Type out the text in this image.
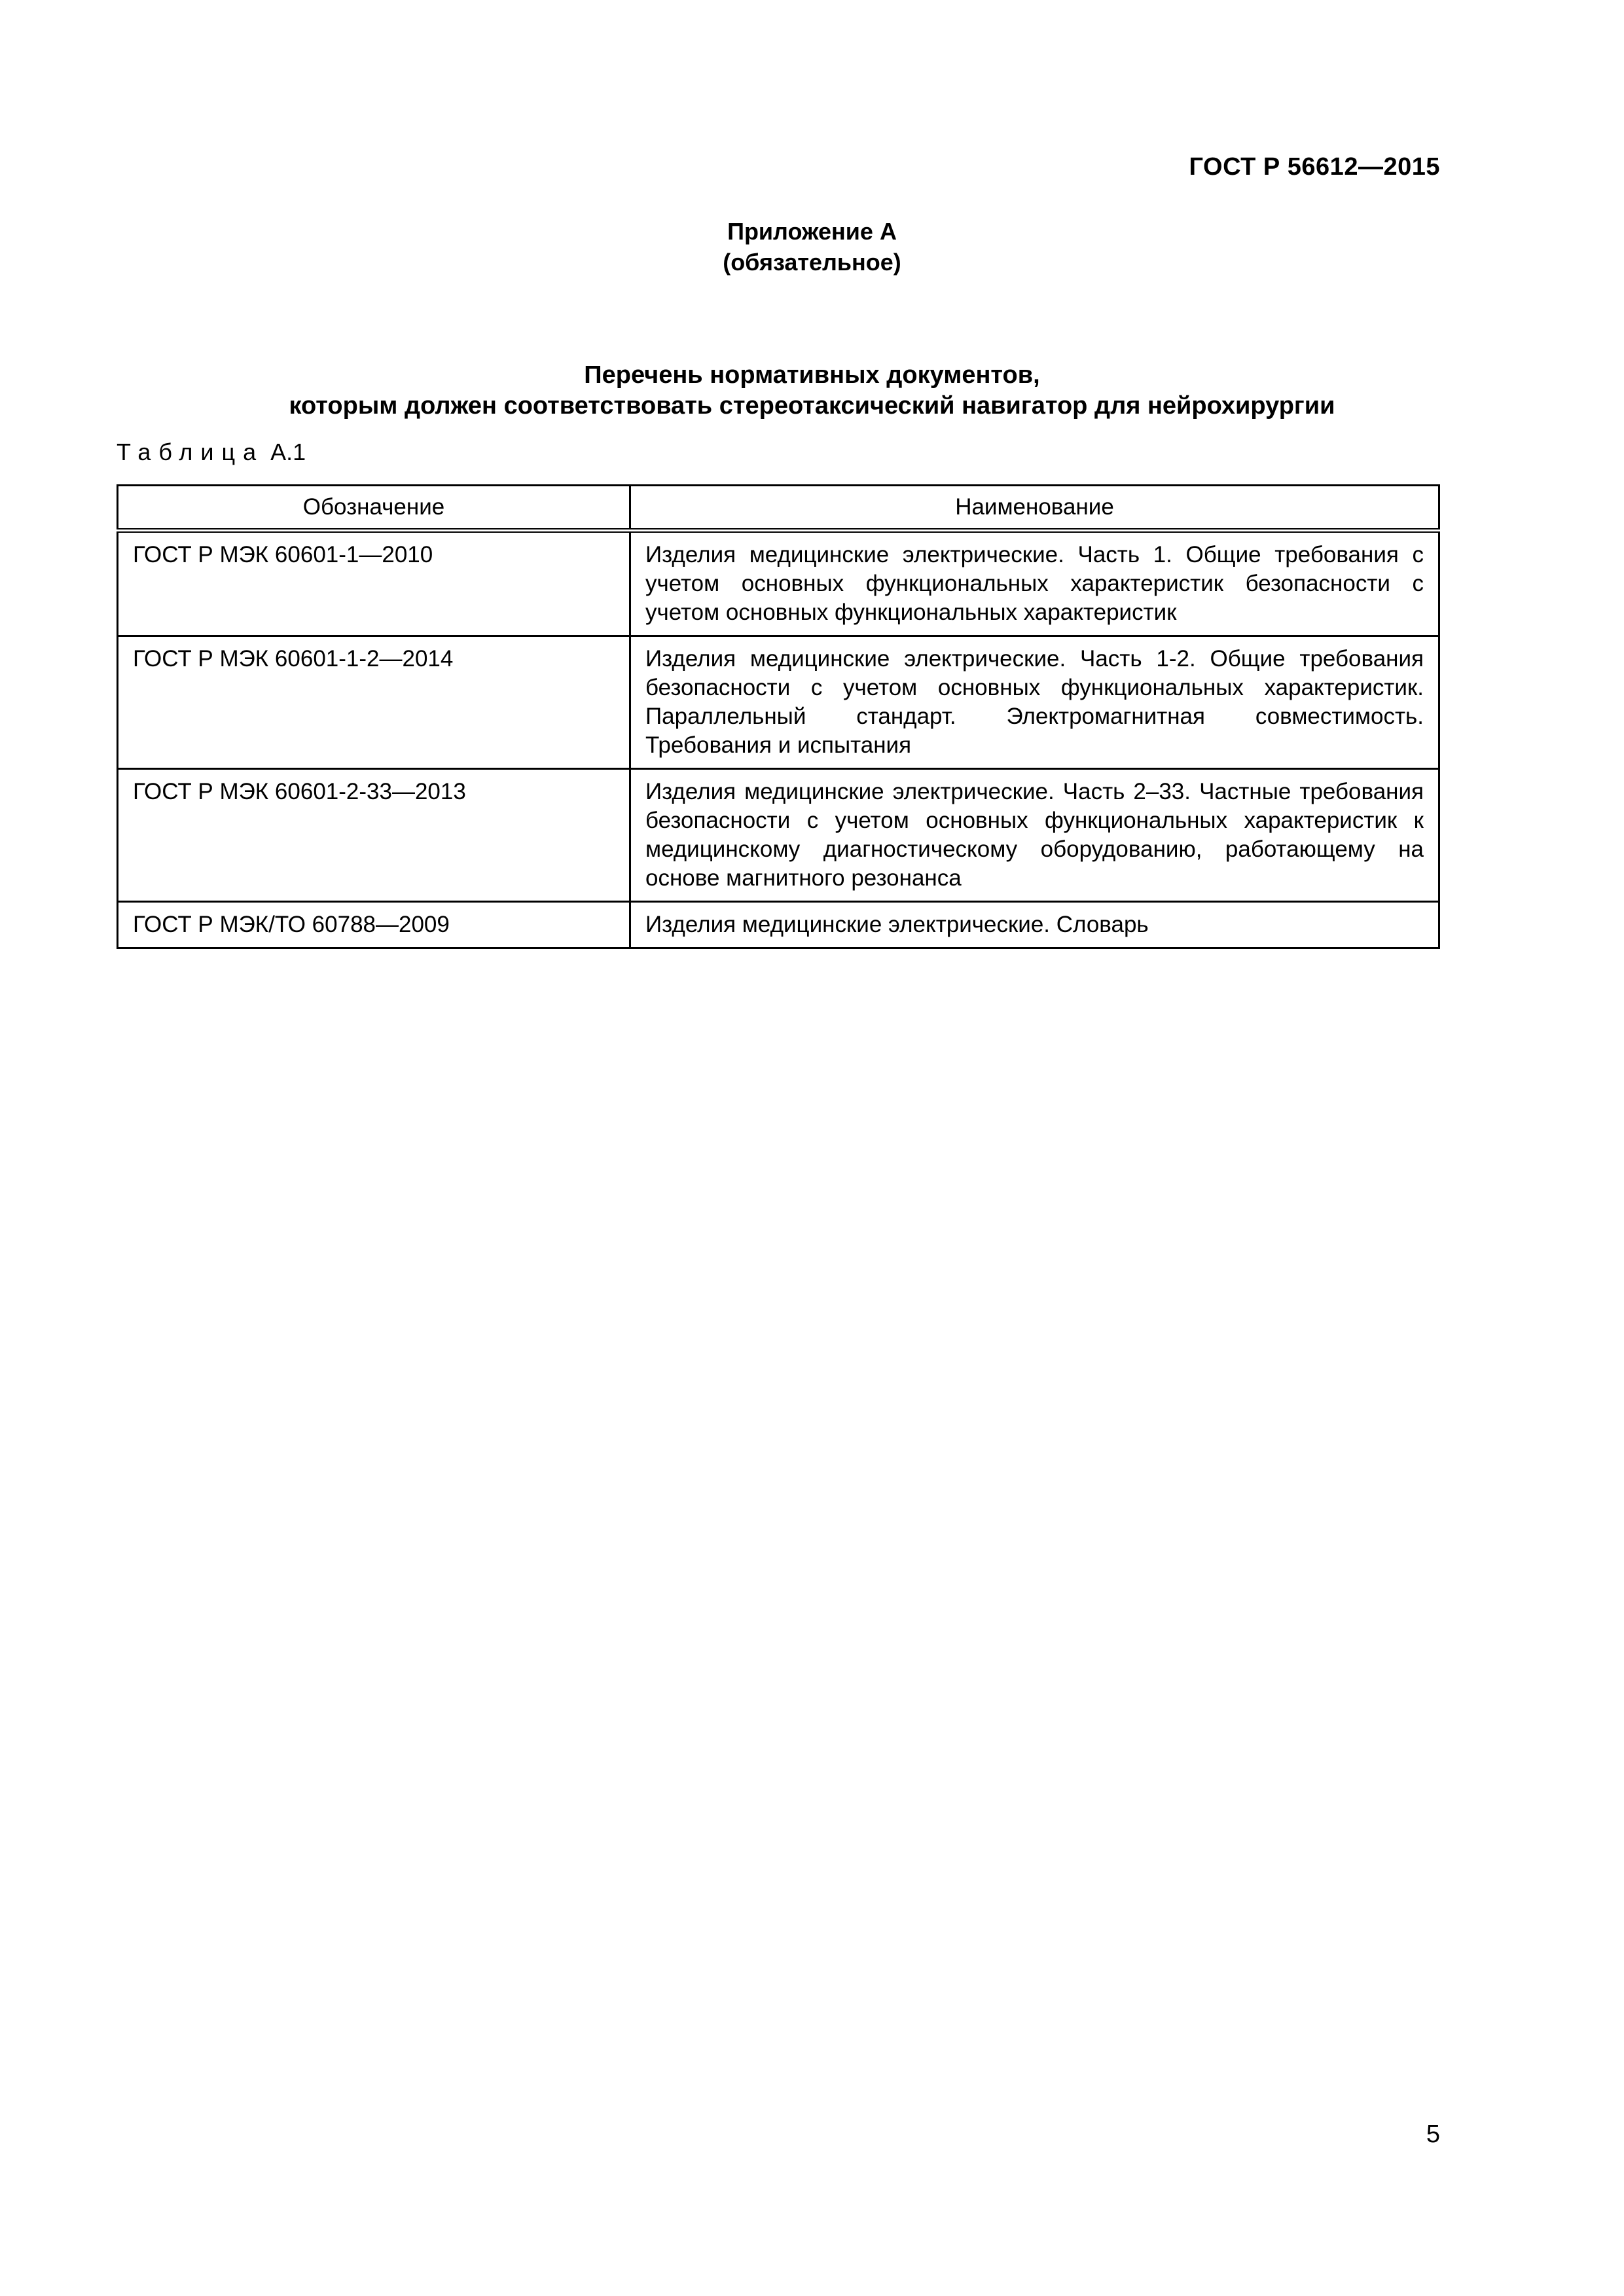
ГОСТ Р 56612—2015
Приложение А
(обязательное)
Перечень нормативных документов,
которым должен соответствовать стереотаксический навигатор для нейрохирургии
Таблица А.1
Обозначение	Наименование
ГОСТ Р МЭК 60601-1—2010	Изделия медицинские электрические. Часть 1. Общие требования с учетом основных функциональных характеристик безопасности с учетом основных функциональных характеристик
ГОСТ Р МЭК 60601-1-2—2014	Изделия медицинские электрические. Часть 1-2. Общие требования безопасности с учетом основных функциональных характеристик. Параллельный стандарт. Электромагнитная совместимость. Требования и испытания
ГОСТ Р МЭК 60601-2-33—2013	Изделия медицинские электрические. Часть 2–33. Частные требования безопасности с учетом основных функциональных характеристик к медицинскому диагностическому оборудованию, работающему на основе магнитного резонанса
ГОСТ Р МЭК/ТО 60788—2009	Изделия медицинские электрические. Словарь
5
